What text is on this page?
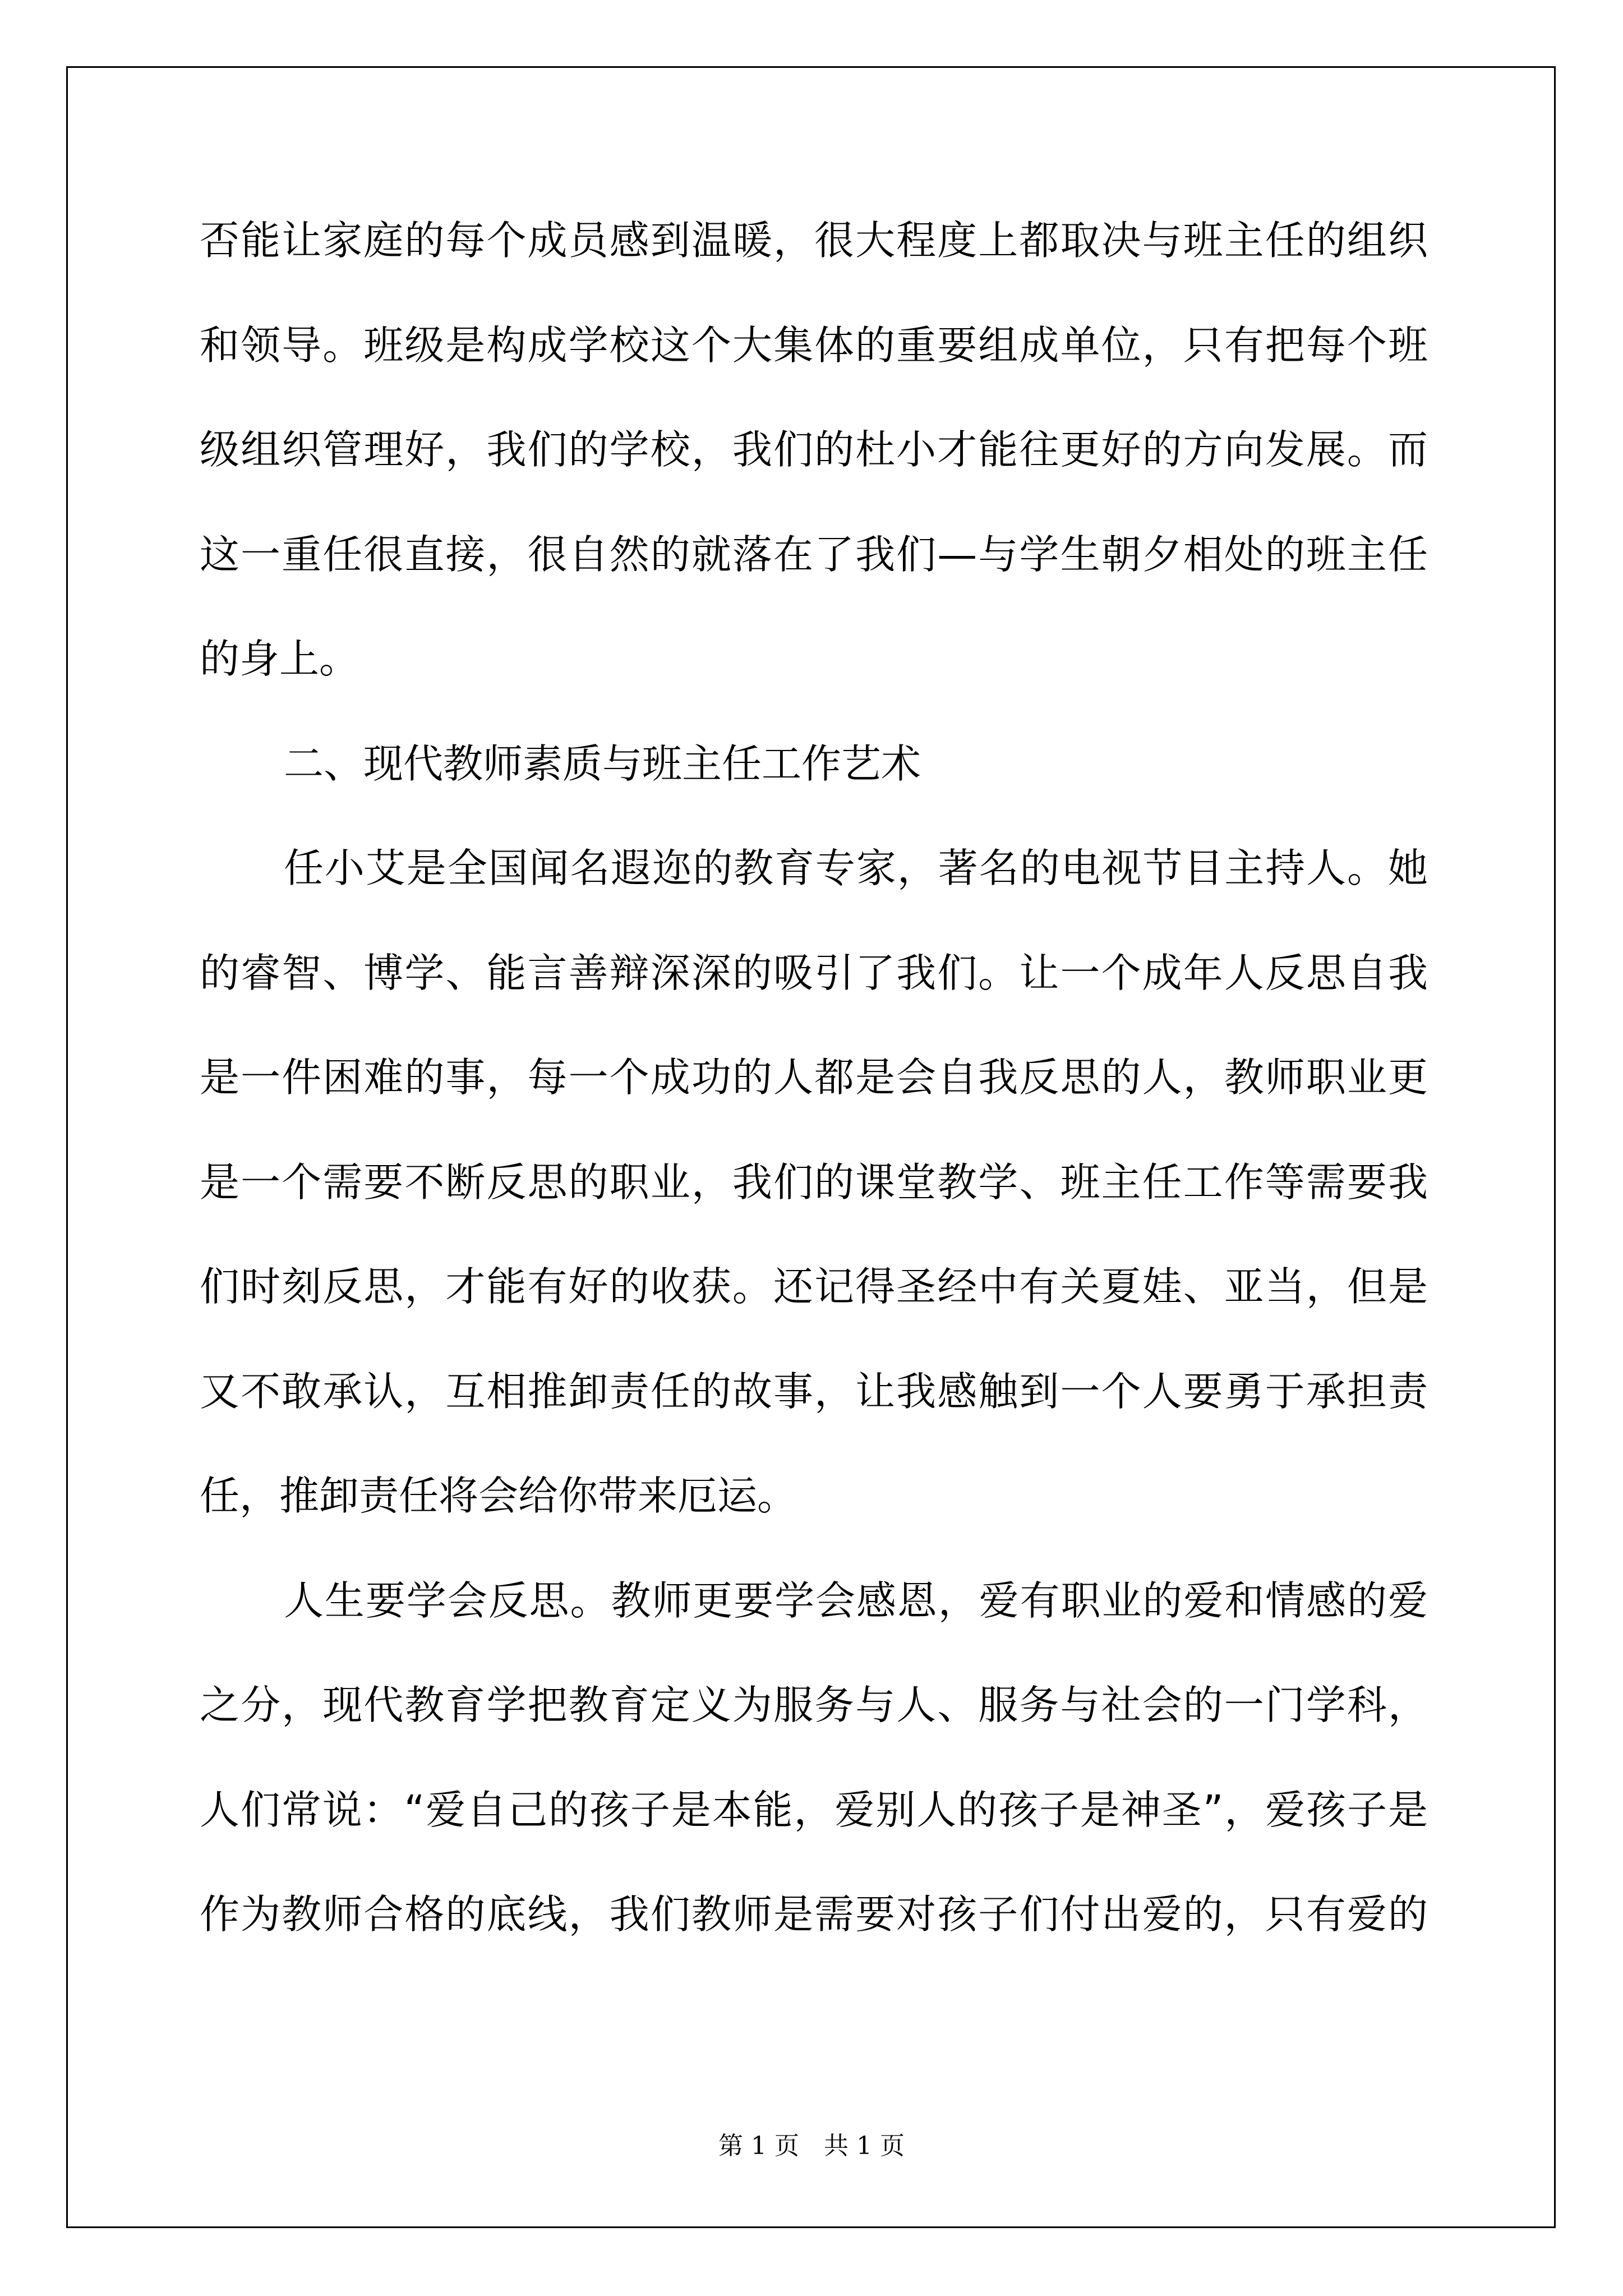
否能让家庭的每个成员感到温暖，很大程度上都取决与班主任的组织
和领导。班级是构成学校这个大集体的重要组成单位，只有把每个班
级组织管理好，我们的学校，我们的杜小才能往更好的方向发展。而
这一重任很直接，很自然的就落在了我们—与学生朝夕相处的班主任
的身上。
二、现代教师素质与班主任工作艺术
任小艾是全国闻名遐迩的教育专家，著名的电视节目主持人。她
的睿智、博学、能言善辩深深的吸引了我们。让一个成年人反思自我
是一件困难的事，每一个成功的人都是会自我反思的人，教师职业更
是一个需要不断反思的职业，我们的课堂教学、班主任工作等需要我
们时刻反思，才能有好的收获。还记得圣经中有关夏娃、亚当，但是
又不敢承认，互相推卸责任的故事，让我感触到一个人要勇于承担责
任，推卸责任将会给你带来厄运。
人生要学会反思。教师更要学会感恩，爱有职业的爱和情感的爱
之分，现代教育学把教育定义为服务与人、服务与社会的一门学科，
人们常说：“爱自己的孩子是本能，爱别人的孩子是神圣”，爱孩子是
作为教师合格的底线，我们教师是需要对孩子们付出爱的，只有爱的
第 1 页　共 1 页
